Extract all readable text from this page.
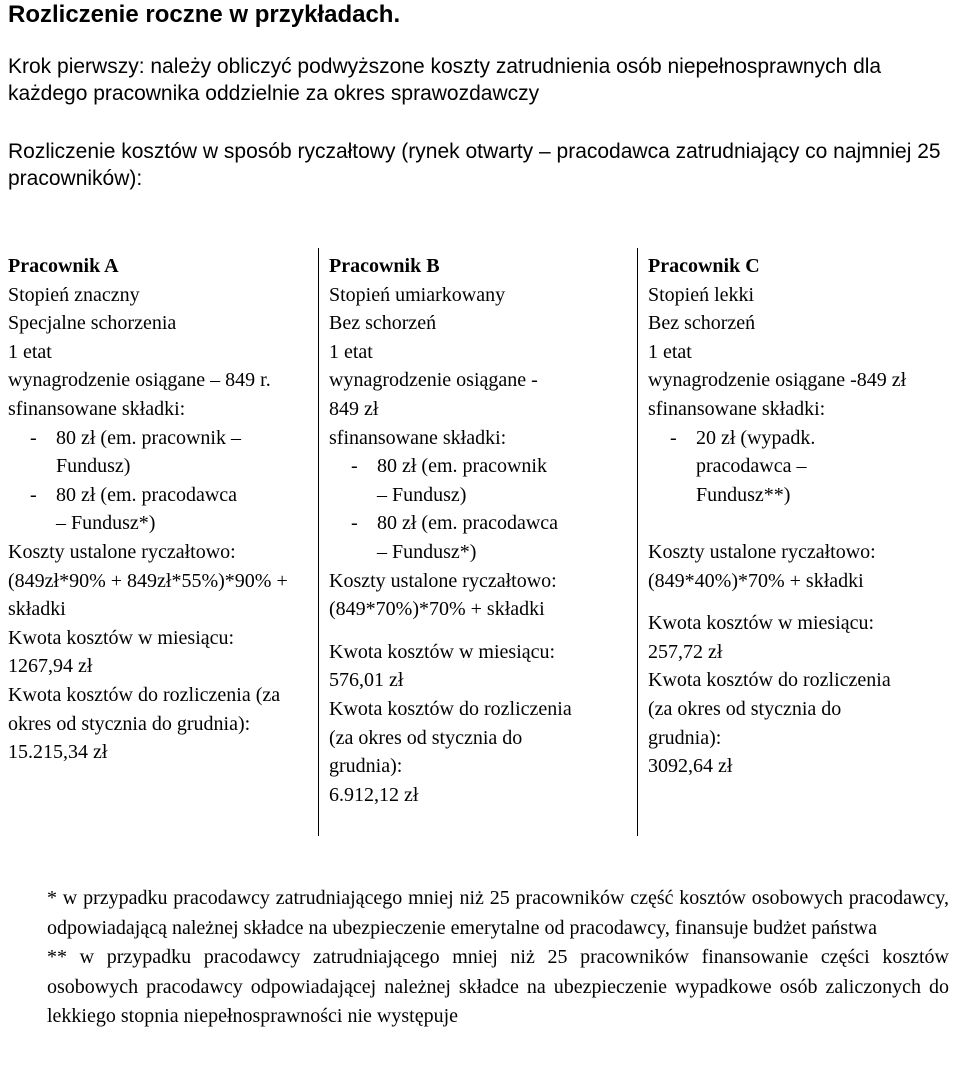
Rozliczenie roczne w przykładach.
Krok pierwszy: należy obliczyć podwyższone koszty zatrudnienia osób niepełnosprawnych dla każdego pracownika oddzielnie za okres sprawozdawczy
Rozliczenie kosztów w sposób ryczałtowy (rynek otwarty – pracodawca zatrudniający co najmniej 25 pracowników):
Pracownik A
Stopień znaczny
Specjalne schorzenia
1 etat
wynagrodzenie osiągane – 849 r.
sfinansowane składki:
- 80 zł (em. pracownik –
Fundusz)
- 80 zł (em. pracodawca
– Fundusz*)
Koszty ustalone ryczałtowo:
(849zł*90% + 849zł*55%)*90% + składki
Kwota kosztów w miesiącu:
1267,94 zł
Kwota kosztów do rozliczenia (za okres od stycznia do grudnia):
15.215,34 zł
Pracownik B
Stopień umiarkowany
Bez schorzeń
1 etat
wynagrodzenie osiągane - 849 zł
sfinansowane składki:
- 80 zł (em. pracownik
– Fundusz)
- 80 zł (em. pracodawca
– Fundusz*)
Koszty ustalone ryczałtowo:
(849*70%)*70% + składki
Kwota kosztów w miesiącu:
576,01 zł
Kwota kosztów do rozliczenia (za okres od stycznia do grudnia):
6.912,12 zł
Pracownik C
Stopień lekki
Bez schorzeń
1 etat
wynagrodzenie osiągane -849 zł
sfinansowane składki:
- 20 zł (wypadk.
pracodawca –
Fundusz**)
Koszty ustalone ryczałtowo:
(849*40%)*70% + składki
Kwota kosztów w miesiącu:
257,72 zł
Kwota kosztów do rozliczenia (za okres od stycznia do grudnia):
3092,64 zł

* w przypadku pracodawcy zatrudniającego mniej niż 25 pracowników część kosztów osobowych pracodawcy, odpowiadającą należnej składce na ubezpieczenie emerytalne od pracodawcy, finansuje budżet państwa

** w przypadku pracodawcy zatrudniającego mniej niż 25 pracowników finansowanie części kosztów osobowych pracodawcy odpowiadającej należnej składce na ubezpieczenie wypadkowe osób zaliczonych do lekkiego stopnia niepełnosprawności nie występuje
